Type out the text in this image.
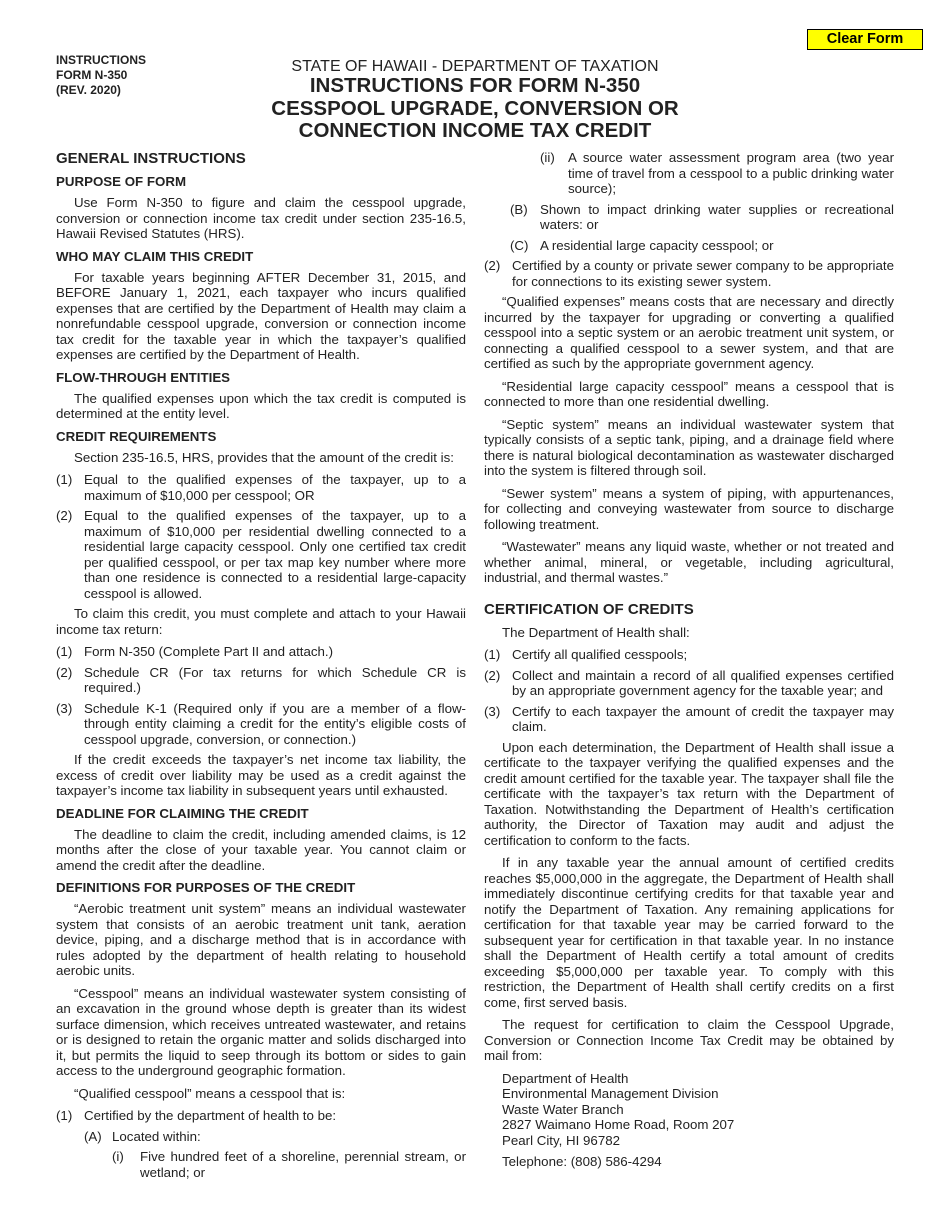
Clear Form
INSTRUCTIONS
FORM N-350
(REV. 2020)
STATE OF HAWAII - DEPARTMENT OF TAXATION
INSTRUCTIONS FOR FORM N-350
CESSPOOL UPGRADE, CONVERSION OR
CONNECTION INCOME TAX CREDIT
GENERAL INSTRUCTIONS
PURPOSE OF FORM

Use Form N-350 to figure and claim the cesspool upgrade, conversion or connection income tax credit under section 235-16.5, Hawaii Revised Statutes (HRS).

WHO MAY CLAIM THIS CREDIT

For taxable years beginning AFTER December 31, 2015, and BEFORE January 1, 2021, each taxpayer who incurs qualified expenses that are certified by the Department of Health may claim a nonrefundable cesspool upgrade, conversion or connection income tax credit for the taxable year in which the taxpayer’s qualified expenses are certified by the Department of Health.

FLOW-THROUGH ENTITIES

The qualified expenses upon which the tax credit is computed is determined at the entity level.

CREDIT REQUIREMENTS

Section 235-16.5, HRS, provides that the amount of the credit is:

(1) Equal to the qualified expenses of the taxpayer, up to a maximum of $10,000 per cesspool; OR
(2) Equal to the qualified expenses of the taxpayer, up to a maximum of $10,000 per residential dwelling connected to a residential large capacity cesspool. Only one certified tax credit per qualified cesspool, or per tax map key number where more than one residence is connected to a residential large-capacity cesspool is allowed.

To claim this credit, you must complete and attach to your Hawaii income tax return:

(1) Form N-350 (Complete Part II and attach.)
(2) Schedule CR (For tax returns for which Schedule CR is required.)
(3) Schedule K-1 (Required only if you are a member of a flow-through entity claiming a credit for the entity’s eligible costs of cesspool upgrade, conversion, or connection.)

If the credit exceeds the taxpayer’s net income tax liability, the excess of credit over liability may be used as a credit against the taxpayer’s income tax liability in subsequent years until exhausted.

DEADLINE FOR CLAIMING THE CREDIT

The deadline to claim the credit, including amended claims, is 12 months after the close of your taxable year. You cannot claim or amend the credit after the deadline.

DEFINITIONS FOR PURPOSES OF THE CREDIT

“Aerobic treatment unit system” means an individual wastewater system that consists of an aerobic treatment unit tank, aeration device, piping, and a discharge method that is in accordance with rules adopted by the department of health relating to household aerobic units.

“Cesspool” means an individual wastewater system consisting of an excavation in the ground whose depth is greater than its widest surface dimension, which receives untreated wastewater, and retains or is designed to retain the organic matter and solids discharged into it, but permits the liquid to seep through its bottom or sides to gain access to the underground geographic formation.

“Qualified cesspool” means a cesspool that is:

(1) Certified by the department of health to be:
(A) Located within:
(i)	Five hundred feet of a shoreline, perennial stream, or wetland; or
(ii) A source water assessment program area (two year time of travel from a cesspool to a public drinking water source);
(B) Shown to impact drinking water supplies or recreational waters: or
(C) A residential large capacity cesspool; or
(2) Certified by a county or private sewer company to be appropriate for connections to its existing sewer system.

“Qualified expenses” means costs that are necessary and directly incurred by the taxpayer for upgrading or converting a qualified cesspool into a septic system or an aerobic treatment unit system, or connecting a qualified cesspool to a sewer system, and that are certified as such by the appropriate government agency.

“Residential large capacity cesspool” means a cesspool that is connected to more than one residential dwelling.

“Septic system” means an individual wastewater system that typically consists of a septic tank, piping, and a drainage field where there is natural biological decontamination as wastewater discharged into the system is filtered through soil.

“Sewer system” means a system of piping, with appurtenances, for collecting and conveying wastewater from source to discharge following treatment.

“Wastewater” means any liquid waste, whether or not treated and whether animal, mineral, or vegetable, including agricultural, industrial, and thermal wastes.”

CERTIFICATION OF CREDITS

The Department of Health shall:

(1) Certify all qualified cesspools;
(2) Collect and maintain a record of all qualified expenses certified by an appropriate government agency for the taxable year; and
(3) Certify to each taxpayer the amount of credit the taxpayer may claim.

Upon each determination, the Department of Health shall issue a certificate to the taxpayer verifying the qualified expenses and the credit amount certified for the taxable year. The taxpayer shall file the certificate with the taxpayer’s tax return with the Department of Taxation. Notwithstanding the Department of Health’s certification authority, the Director of Taxation may audit and adjust the certification to conform to the facts.

If in any taxable year the annual amount of certified credits reaches $5,000,000 in the aggregate, the Department of Health shall immediately discontinue certifying credits for that taxable year and notify the Department of Taxation. Any remaining applications for certification for that taxable year may be carried forward to the subsequent year for certification in that taxable year. In no instance shall the Department of Health certify a total amount of credits exceeding $5,000,000 per taxable year. To comply with this restriction, the Department of Health shall certify credits on a first come, first served basis.

The request for certification to claim the Cesspool Upgrade, Conversion or Connection Income Tax Credit may be obtained by mail from:

Department of Health
Environmental Management Division
Waste Water Branch
2827 Waimano Home Road, Room 207
Pearl City, HI 96782
Telephone: (808) 586-4294
